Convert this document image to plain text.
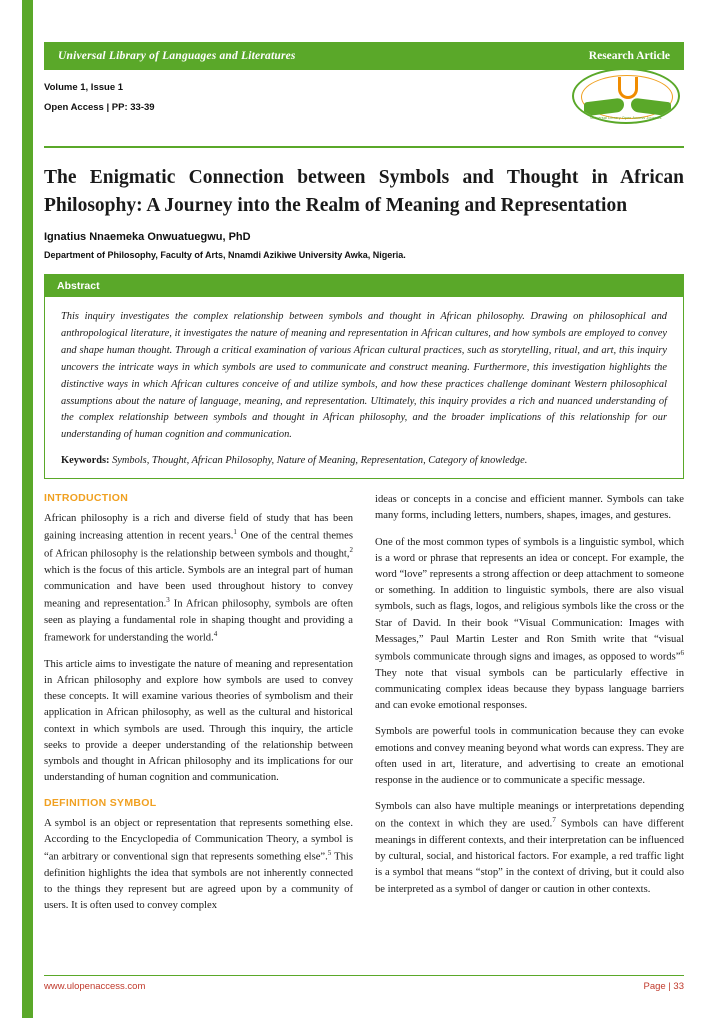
Universal Library of Languages and Literatures	Research Article
Volume 1, Issue 1
Open Access | PP: 33-39
Universal Library Open Access Journals
The Enigmatic Connection between Symbols and Thought in African Philosophy: A Journey into the Realm of Meaning and Representation
Ignatius Nnaemeka Onwuatuegwu, PhD
Department of Philosophy, Faculty of Arts, Nnamdi Azikiwe University Awka, Nigeria.
Abstract
This inquiry investigates the complex relationship between symbols and thought in African philosophy. Drawing on philosophical and anthropological literature, it investigates the nature of meaning and representation in African cultures, and how symbols are employed to convey and shape human thought. Through a critical examination of various African cultural practices, such as storytelling, ritual, and art, this inquiry uncovers the intricate ways in which symbols are used to communicate and construct meaning. Furthermore, this investigation highlights the distinctive ways in which African cultures conceive of and utilize symbols, and how these practices challenge dominant Western philosophical assumptions about the nature of language, meaning, and representation. Ultimately, this inquiry provides a rich and nuanced understanding of the complex relationship between symbols and thought in African philosophy, and the broader implications of this relationship for our understanding of human cognition and communication.
Keywords: Symbols, Thought, African Philosophy, Nature of Meaning, Representation, Category of knowledge.
INTRODUCTION

African philosophy is a rich and diverse field of study that has been gaining increasing attention in recent years.$^1$ One of the central themes of African philosophy is the relationship between symbols and thought,$^2$ which is the focus of this article. Symbols are an integral part of human communication and have been used throughout history to convey meaning and representation.$^3$ In African philosophy, symbols are often seen as playing a fundamental role in shaping thought and providing a framework for understanding the world.$^4$

This article aims to investigate the nature of meaning and representation in African philosophy and explore how symbols are used to convey these concepts. It will examine various theories of symbolism and their application in African philosophy, as well as the cultural and historical context in which symbols are used. Through this inquiry, the article seeks to provide a deeper understanding of the relationship between symbols and thought in African philosophy and its implications for our understanding of human cognition and communication.

DEFINITION SYMBOL

A symbol is an object or representation that represents something else. According to the Encyclopedia of Communication Theory, a symbol is “an arbitrary or conventional sign that represents something else”.$^5$ This definition highlights the idea that symbols are not inherently connected to the things they represent but are agreed upon by a community of users. It is often used to convey complex

ideas or concepts in a concise and efficient manner. Symbols can take many forms, including letters, numbers, shapes, images, and gestures.

One of the most common types of symbols is a linguistic symbol, which is a word or phrase that represents an idea or concept. For example, the word “love” represents a strong affection or deep attachment to someone or something. In addition to linguistic symbols, there are also visual symbols, such as flags, logos, and religious symbols like the cross or the Star of David. In their book “Visual Communication: Images with Messages,” Paul Martin Lester and Ron Smith write that “visual symbols communicate through signs and images, as opposed to words”$^6$ They note that visual symbols can be particularly effective in communicating complex ideas because they bypass language barriers and can evoke emotional responses.

Symbols are powerful tools in communication because they can evoke emotions and convey meaning beyond what words can express. They are often used in art, literature, and advertising to create an emotional response in the audience or to communicate a specific message.

Symbols can also have multiple meanings or interpretations depending on the context in which they are used.$^7$ Symbols can have different meanings in different contexts, and their interpretation can be influenced by cultural, social, and historical factors. For example, a red traffic light is a symbol that means “stop” in the context of driving, but it could also be interpreted as a symbol of danger or caution in other contexts.

www.ulopenaccess.com	Page | 33
